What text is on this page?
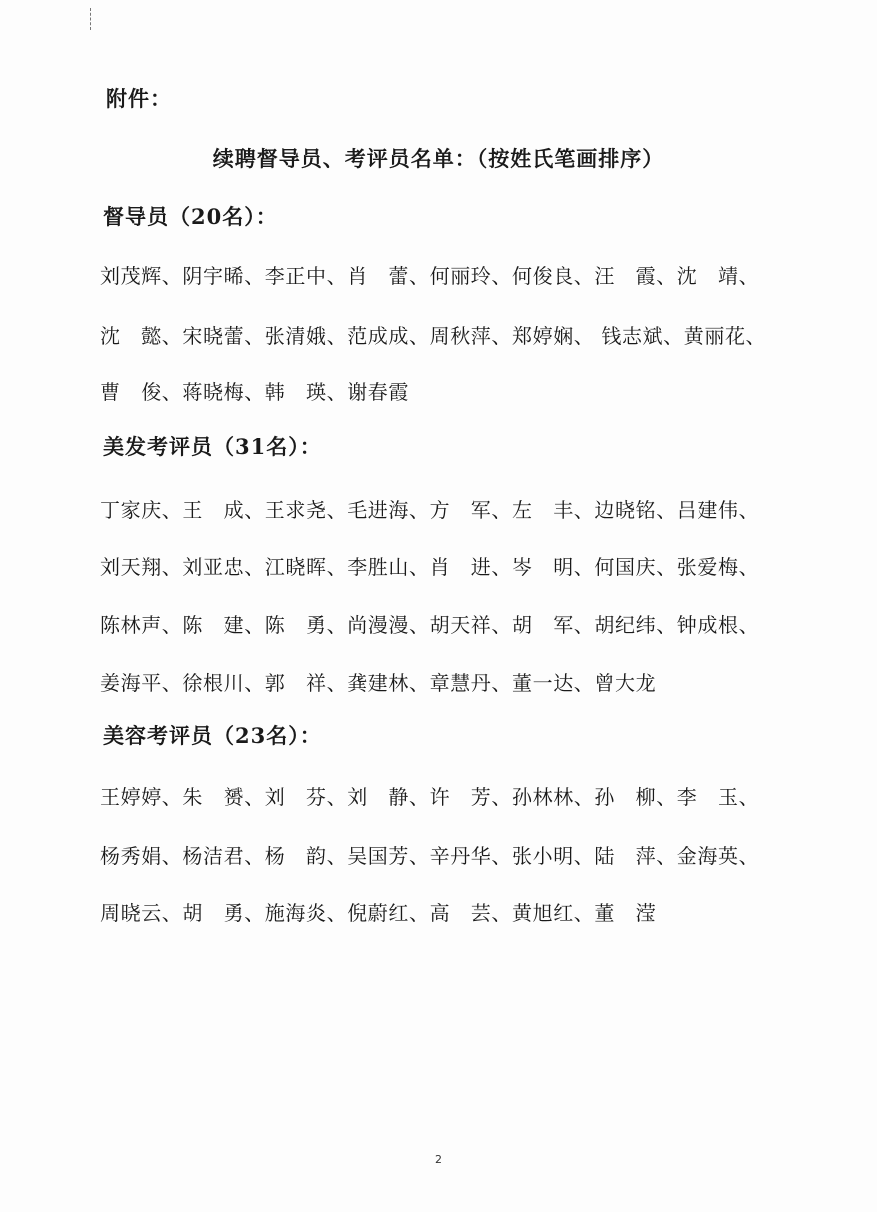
附件：
续聘督导员、考评员名单：（按姓氏笔画排序）
督导员（20名）：
刘茂辉、阴宇晞、李正中、肖　蕾、何丽玲、何俊良、汪　霞、沈　靖、
沈　懿、宋晓蕾、张清娥、范成成、周秋萍、郑婷娴、 钱志斌、黄丽花、
曹　俊、蒋晓梅、韩　瑛、谢春霞
美发考评员（31名）：
丁家庆、王　成、王求尧、毛进海、方　军、左　丰、边晓铭、吕建伟、
刘天翔、刘亚忠、江晓晖、李胜山、肖　进、岑　明、何国庆、张爱梅、
陈林声、陈　建、陈　勇、尚漫漫、胡天祥、胡　军、胡纪纬、钟成根、
姜海平、徐根川、郭　祥、龚建林、章慧丹、董一达、曾大龙
美容考评员（23名）：
王婷婷、朱　赟、刘　芬、刘　静、许　芳、孙林林、孙　柳、李　玉、
杨秀娟、杨洁君、杨　韵、吴国芳、辛丹华、张小明、陆　萍、金海英、
周晓云、胡　勇、施海炎、倪蔚红、高　芸、黄旭红、董　滢
2
